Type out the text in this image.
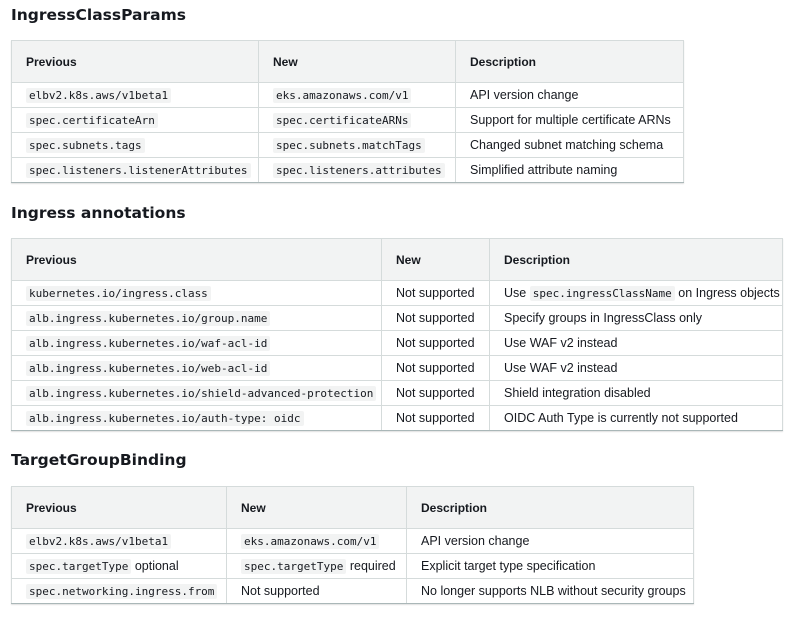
IngressClassParams
Previous	New	Description
elbv2.k8s.aws/v1beta1	eks.amazonaws.com/v1	API version change
spec.certificateArn	spec.certificateARNs	Support for multiple certificate ARNs
spec.subnets.tags	spec.subnets.matchTags	Changed subnet matching schema
spec.listeners.listenerAttributes	spec.listeners.attributes	Simplified attribute naming
Ingress annotations
Previous	New	Description
kubernetes.io/ingress.class	Not supported	Use spec.ingressClassName on Ingress objects
alb.ingress.kubernetes.io/group.name	Not supported	Specify groups in IngressClass only
alb.ingress.kubernetes.io/waf-acl-id	Not supported	Use WAF v2 instead
alb.ingress.kubernetes.io/web-acl-id	Not supported	Use WAF v2 instead
alb.ingress.kubernetes.io/shield-advanced-protection	Not supported	Shield integration disabled
alb.ingress.kubernetes.io/auth-type: oidc	Not supported	OIDC Auth Type is currently not supported
TargetGroupBinding
Previous	New	Description
elbv2.k8s.aws/v1beta1	eks.amazonaws.com/v1	API version change
spec.targetType optional	spec.targetType required	Explicit target type specification
spec.networking.ingress.from	Not supported	No longer supports NLB without security groups
